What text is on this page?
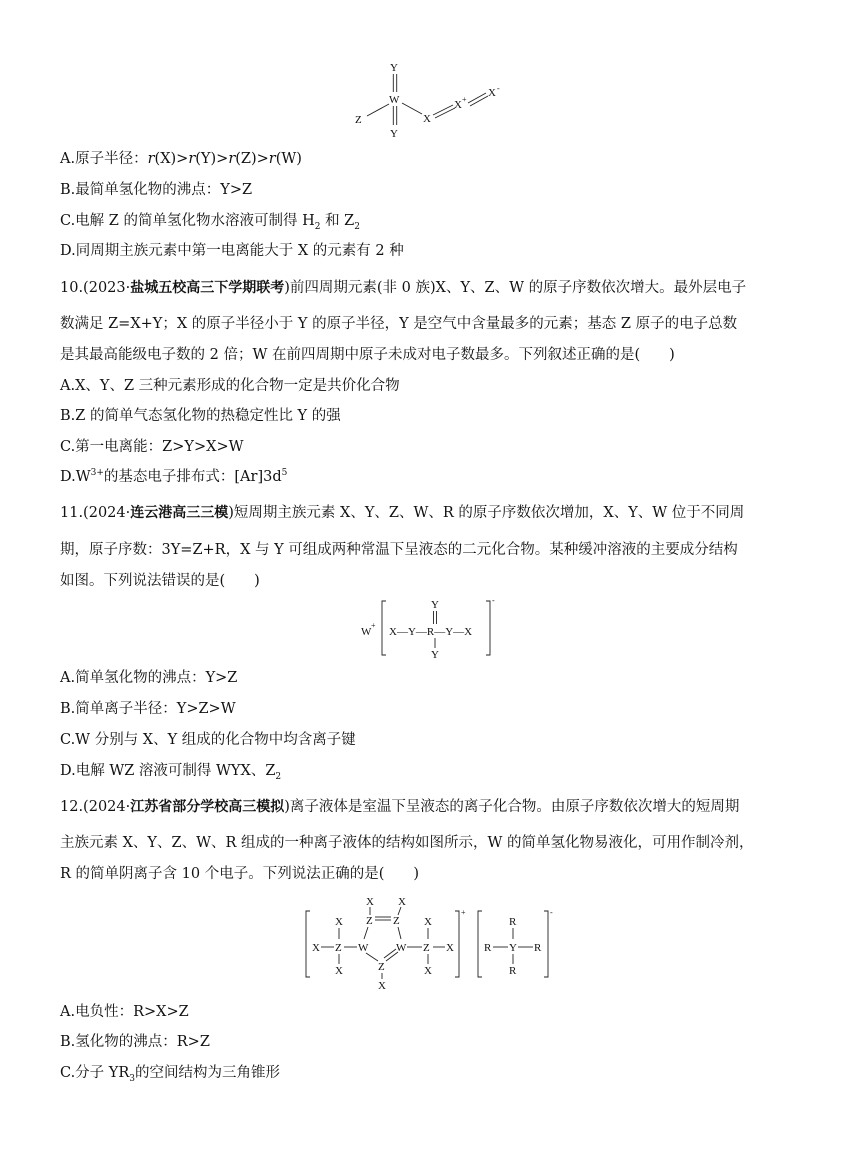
Y
W
Y
Z	X
X +
X -
A.原子半径：r(X)>r(Y)>r(Z)>r(W)
B.最简单氢化物的沸点：Y>Z
C.电解 Z 的简单氢化物水溶液可制得 $H_2$ 和 $Z_2$
D.同周期主族元素中第一电离能大于 X 的元素有 2 种
10.(2023·盐城五校高三下学期联考)前四周期元素(非 0 族)X、Y、Z、W 的原子序数依次增大。最外层电子
数满足 Z=X+Y；X 的原子半径小于 Y 的原子半径，Y 是空气中含量最多的元素；基态 Z 原子的电子总数
是其最高能级电子数的 2 倍；W 在前四周期中原子未成对电子数最多。下列叙述正确的是(　　)
A.X、Y、Z 三种元素形成的化合物一定是共价化合物
B.Z 的简单气态氢化物的热稳定性比 Y 的强
C.第一电离能：Z>Y>X>W
$D.W^{3+}$的基态电子排布式：$[Ar]3d^5$
11.(2024·连云港高三三模)短周期主族元素 X、Y、Z、W、R 的原子序数依次增加，X、Y、W 位于不同周
期，原子序数：3Y=Z+R，X 与 Y 可组成两种常温下呈液态的二元化合物。某种缓冲溶液的主要成分结构
如图。下列说法错误的是(　　)
W
+
X—Y—R—Y—X
Y
Y
-
A.简单氢化物的沸点：Y>Z
B.简单离子半径：Y>Z>W
C.W 分别与 X、Y 组成的化合物中均含离子键
D.电解 WZ 溶液可制得 WYX、$Z_2$
12.(2024·江苏省部分学校高三模拟)离子液体是室温下呈液态的离子化合物。由原子序数依次增大的短周期
主族元素 X、Y、Z、W、R 组成的一种离子液体的结构如图所示，W 的简单氢化物易液化，可用作制冷剂，
R 的简单阴离子含 10 个电子。下列说法正确的是(　　)
+
X
X Z
X
W	W
Z Z
X X
Z
X
X
Z X
X
-
R
R Y R
R
A.电负性：R>X>Z
B.氢化物的沸点：R>Z
C.分子 $YR_3$的空间结构为三角锥形
